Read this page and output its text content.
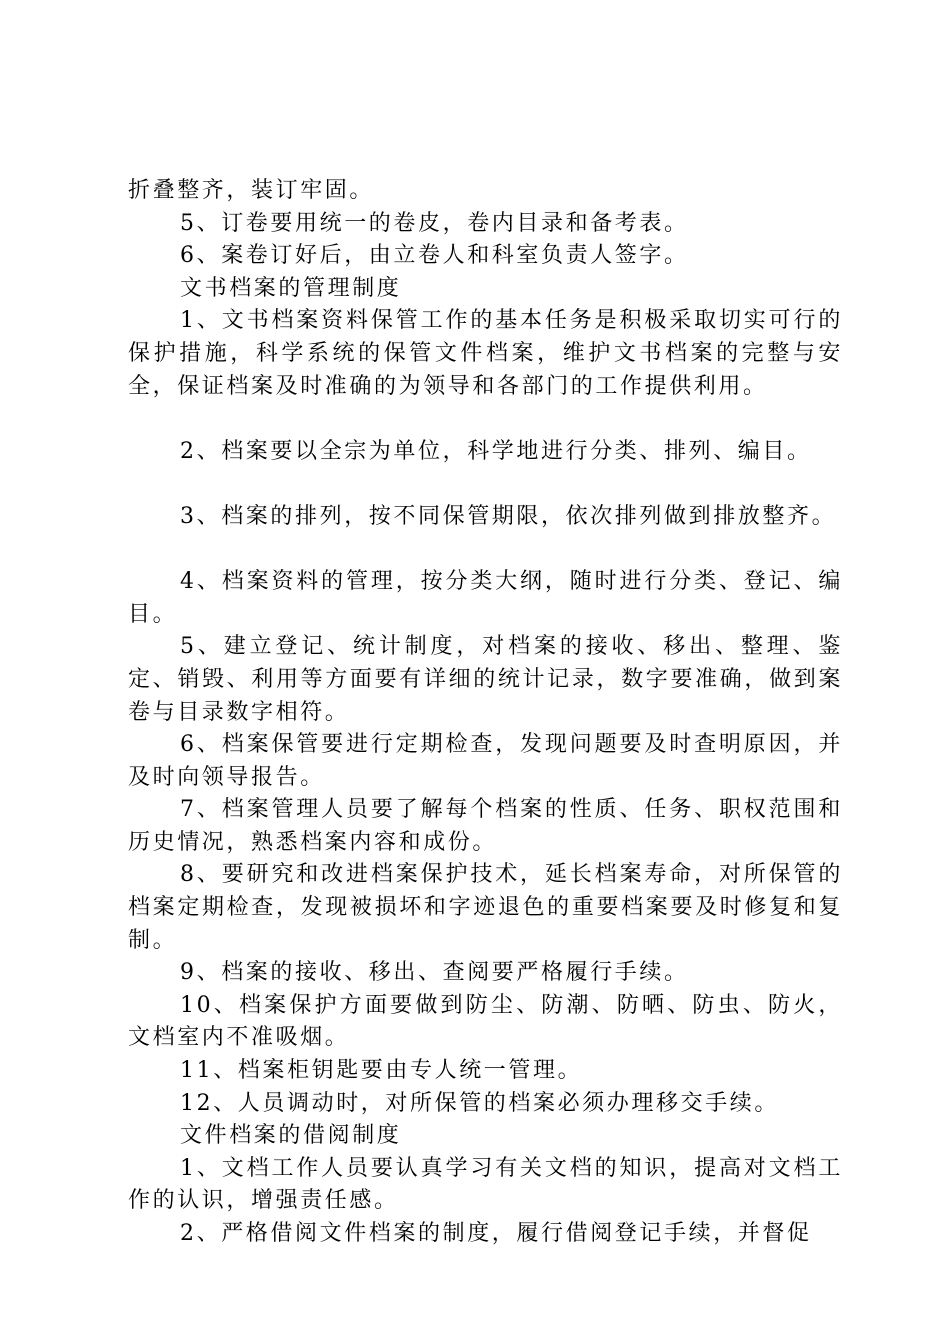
折叠整齐，装订牢固。

5、订卷要用统一的卷皮，卷内目录和备考表。

6、案卷订好后，由立卷人和科室负责人签字。

文书档案的管理制度

1、文书档案资料保管工作的基本任务是积极采取切实可行的保护措施，科学系统的保管文件档案，维护文书档案的完整与安全，保证档案及时准确的为领导和各部门的工作提供利用。

2、档案要以全宗为单位，科学地进行分类、排列、编目。

3、档案的排列，按不同保管期限，依次排列做到排放整齐。

4、档案资料的管理，按分类大纲，随时进行分类、登记、编目。

5、建立登记、统计制度，对档案的接收、移出、整理、鉴定、销毁、利用等方面要有详细的统计记录，数字要准确，做到案卷与目录数字相符。

6、档案保管要进行定期检查，发现问题要及时查明原因，并及时向领导报告。

7、档案管理人员要了解每个档案的性质、任务、职权范围和历史情况，熟悉档案内容和成份。

8、要研究和改进档案保护技术，延长档案寿命，对所保管的档案定期检查，发现被损坏和字迹退色的重要档案要及时修复和复制。

9、档案的接收、移出、查阅要严格履行手续。

10、档案保护方面要做到防尘、防潮、防晒、防虫、防火，文档室内不准吸烟。

11、档案柜钥匙要由专人统一管理。

12、人员调动时，对所保管的档案必须办理移交手续。

文件档案的借阅制度

1、文档工作人员要认真学习有关文档的知识，提高对文档工作的认识，增强责任感。

2、严格借阅文件档案的制度，履行借阅登记手续，并督促
